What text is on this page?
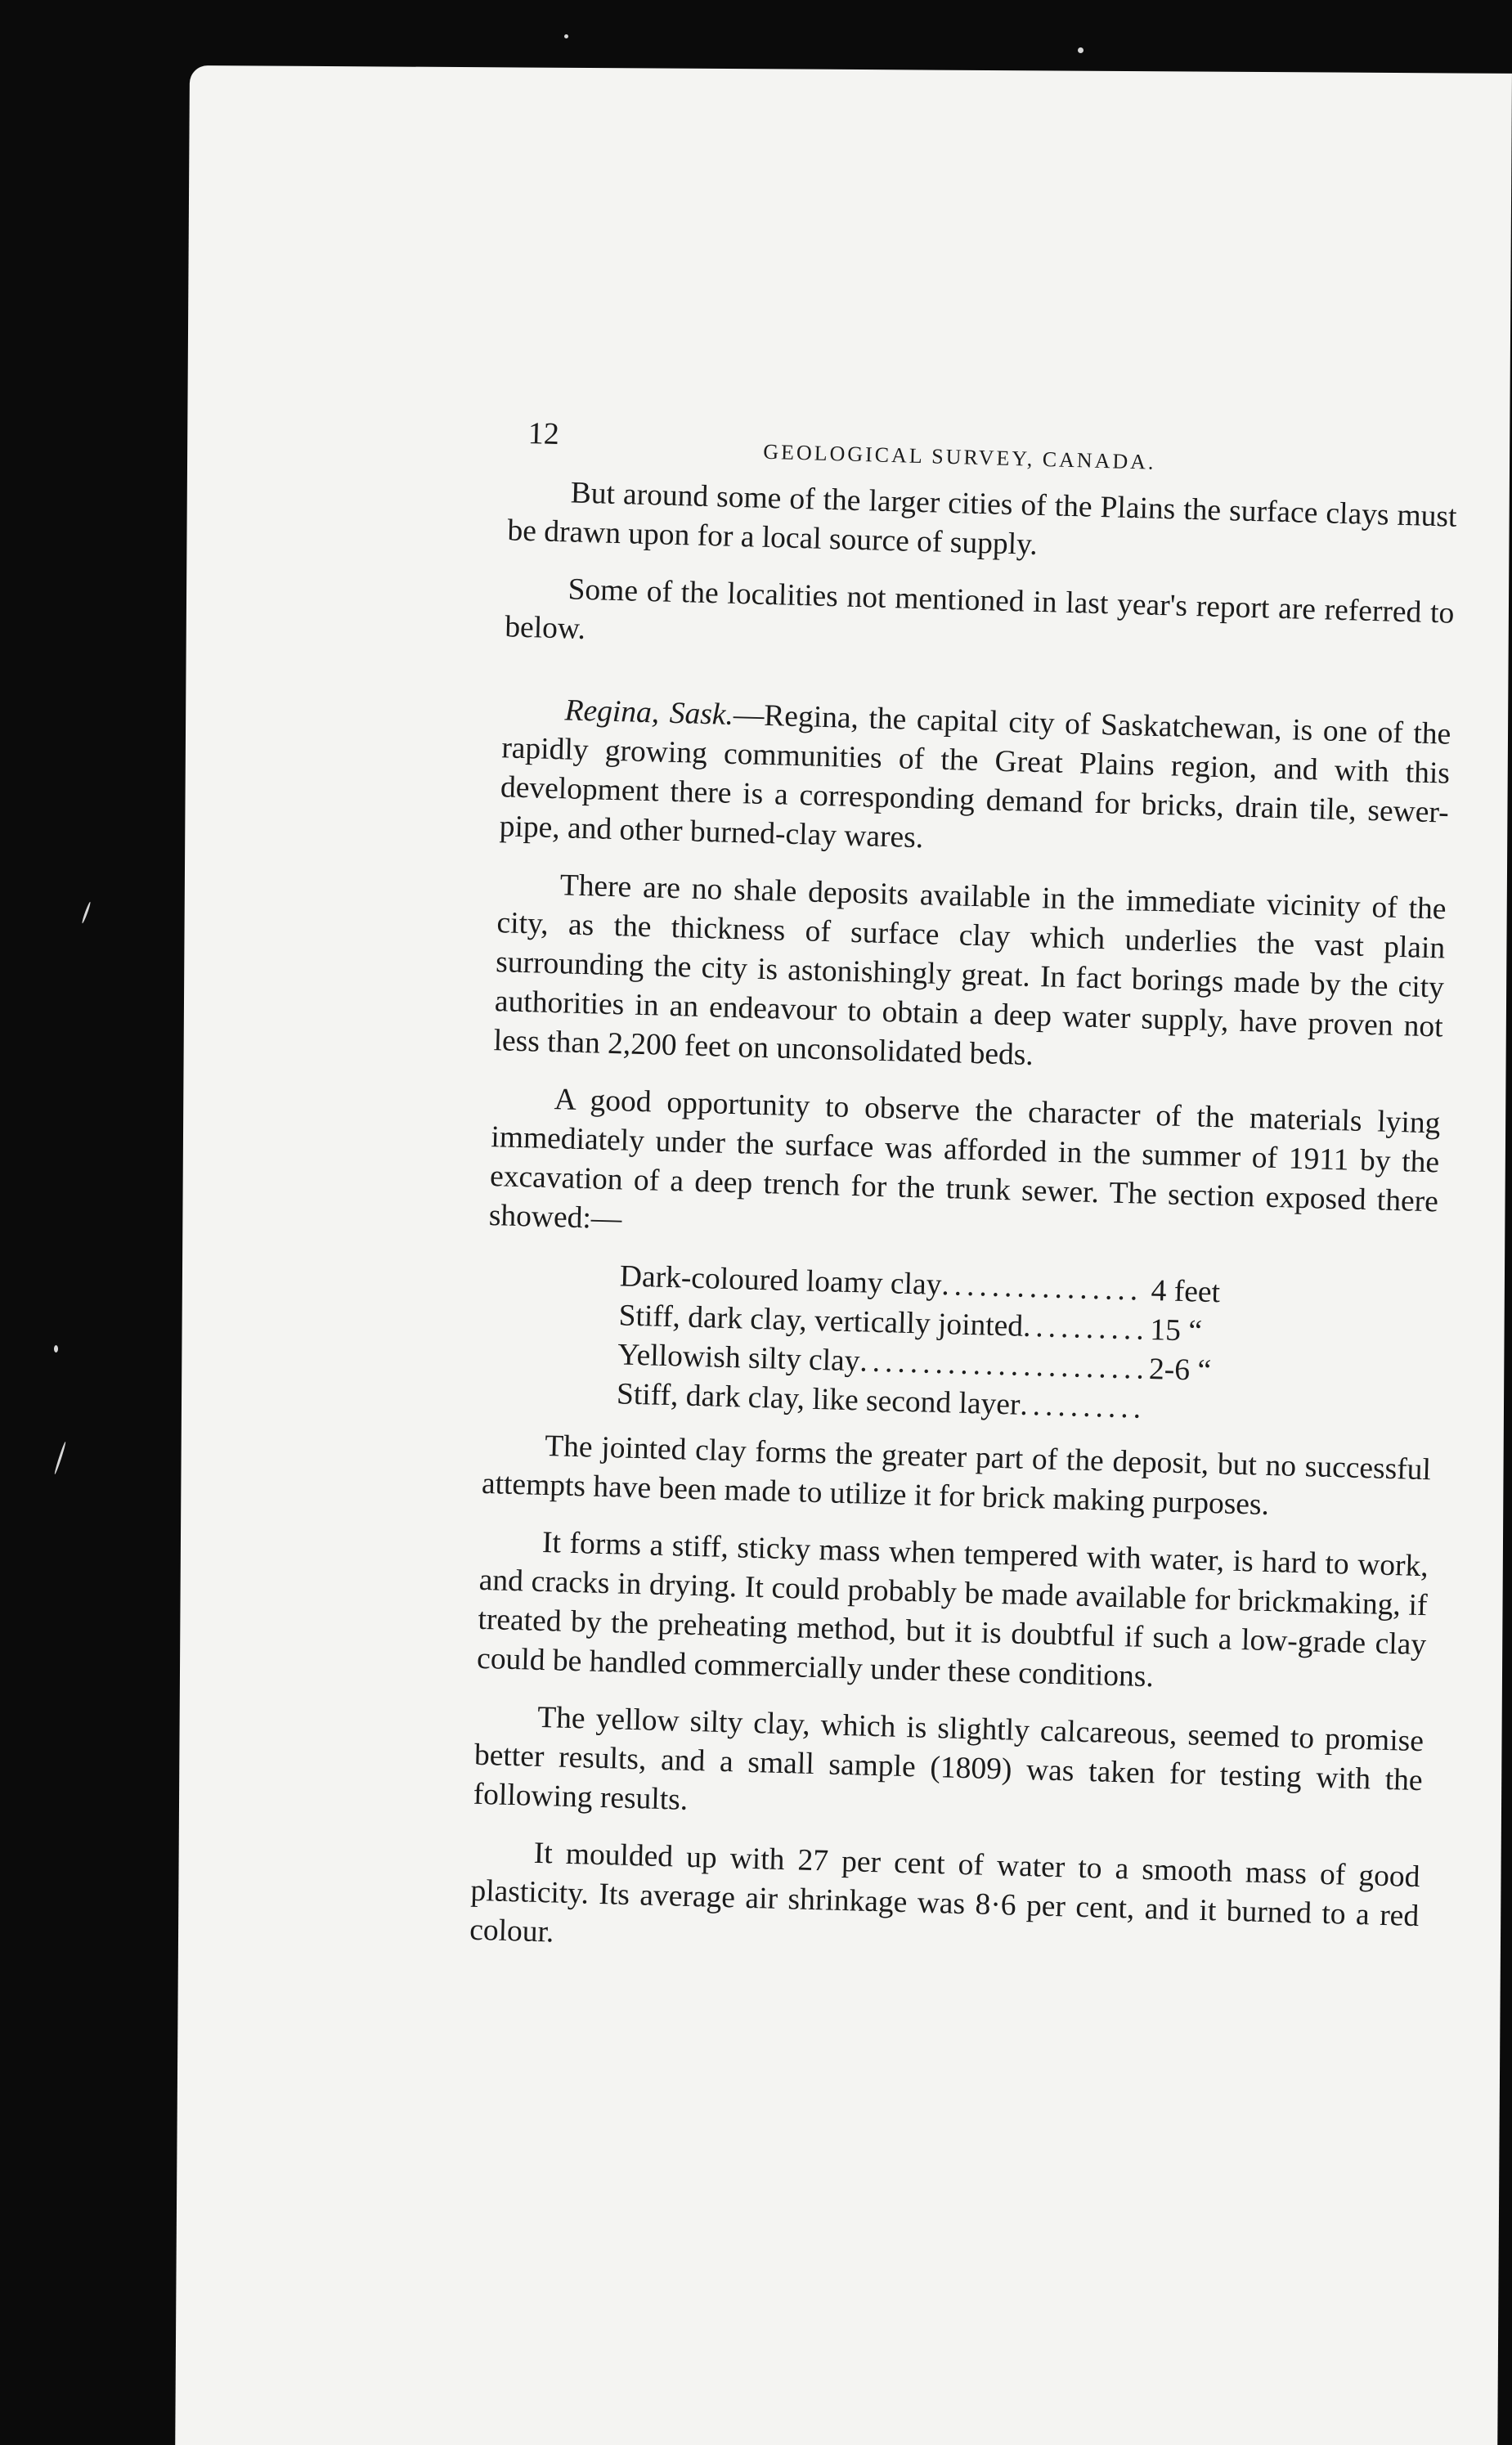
12
GEOLOGICAL SURVEY, CANADA.

But around some of the larger cities of the Plains the surface clays must be drawn upon for a local source of supply.

Some of the localities not mentioned in last year's report are referred to below.

Regina, Sask.—Regina, the capital city of Saskatchewan, is one of the rapidly growing communities of the Great Plains region, and with this development there is a corresponding demand for bricks, drain tile, sewer-pipe, and other burned-clay wares.

There are no shale deposits available in the immediate vicinity of the city, as the thickness of surface clay which underlies the vast plain surrounding the city is astonishingly great. In fact borings made by the city authorities in an endeavour to obtain a deep water supply, have proven not less than 2,200 feet on unconsolidated beds.

A good opportunity to observe the character of the materials lying immediately under the surface was afforded in the summer of 1911 by the excavation of a deep trench for the trunk sewer. The section exposed there showed:—

Dark-coloured loamy clay .....	4 feet
Stiff, dark clay, vertically jointed .....	15 “
Yellowish silty clay .....	2-6 “
Stiff, dark clay, like second layer
.....

The jointed clay forms the greater part of the deposit, but no successful attempts have been made to utilize it for brick making purposes.

It forms a stiff, sticky mass when tempered with water, is hard to work, and cracks in drying. It could probably be made available for brickmaking, if treated by the preheating method, but it is doubtful if such a low-grade clay could be handled commercially under these conditions.

The yellow silty clay, which is slightly calcareous, seemed to promise better results, and a small sample (1809) was taken for testing with the following results.

It moulded up with 27 per cent of water to a smooth mass of good plasticity. Its average air shrinkage was 8·6 per cent, and it burned to a red colour.
